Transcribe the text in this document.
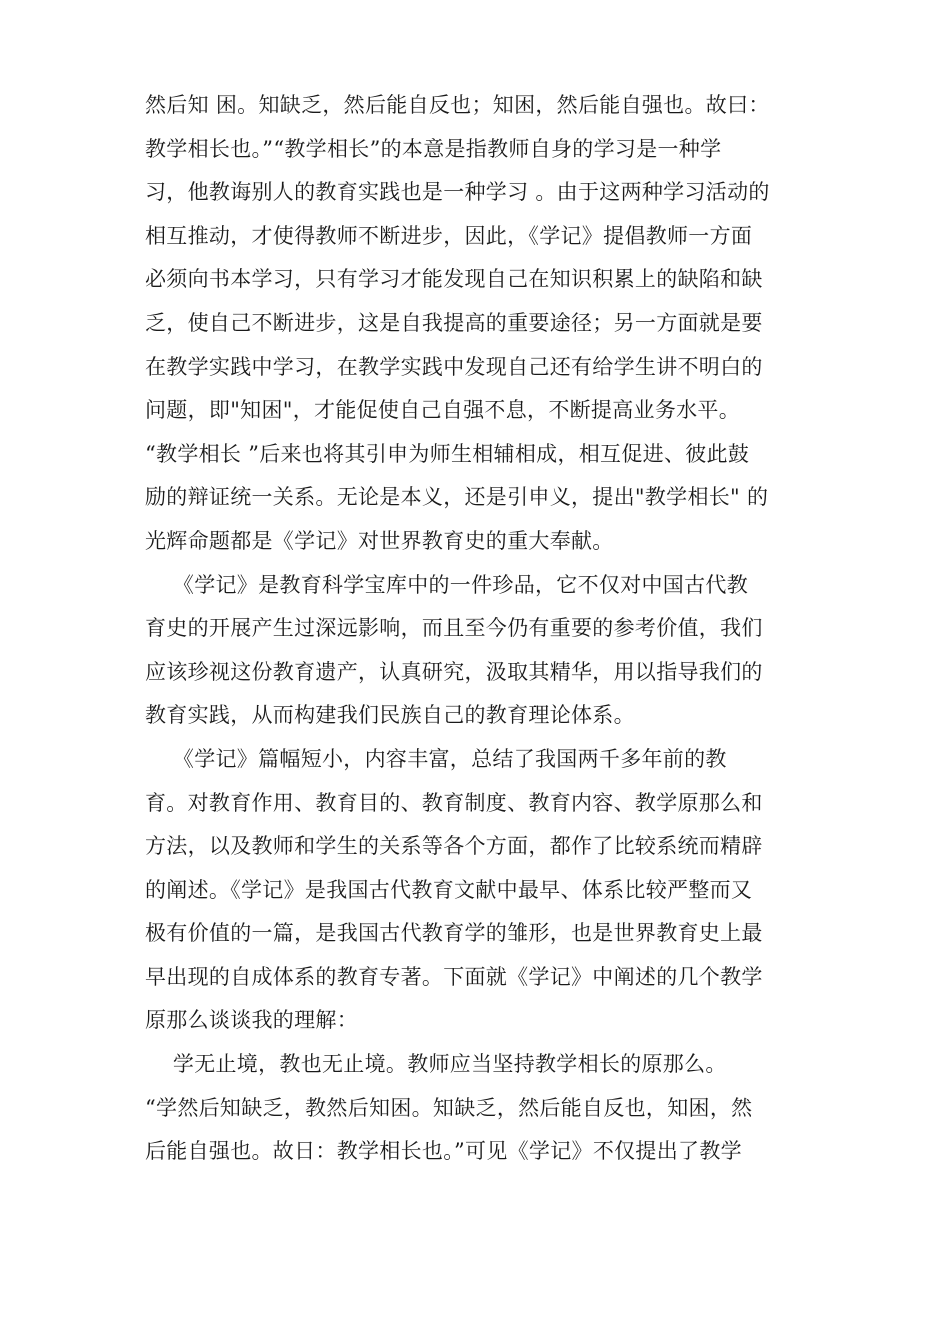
然后知 困。知缺乏，然后能自反也；知困，然后能自强也。故曰：
教学相长也。”“教学相长”的本意是指教师自身的学习是一种学
习，他教诲别人的教育实践也是一种学习 。由于这两种学习活动的
相互推动，才使得教师不断进步，因此，《学记》提倡教师一方面
必须向书本学习，只有学习才能发现自己在知识积累上的缺陷和缺
乏，使自己不断进步，这是自我提高的重要途径；另一方面就是要
在教学实践中学习，在教学实践中发现自己还有给学生讲不明白的
问题，即"知困"，才能促使自己自强不息，不断提高业务水平。
“教学相长 ”后来也将其引申为师生相辅相成，相互促进、彼此鼓
励的辩证统一关系。无论是本义，还是引申义，提出"教学相长" 的
光辉命题都是《学记》对世界教育史的重大奉献。
《学记》是教育科学宝库中的一件珍品，它不仅对中国古代教
育史的开展产生过深远影响，而且至今仍有重要的参考价值，我们
应该珍视这份教育遗产，认真研究，汲取其精华，用以指导我们的
教育实践，从而构建我们民族自己的教育理论体系。
《学记》篇幅短小，内容丰富，总结了我国两千多年前的教
育。对教育作用、教育目的、教育制度、教育内容、教学原那么和
方法，以及教师和学生的关系等各个方面，都作了比较系统而精辟
的阐述。《学记》是我国古代教育文献中最早、体系比较严整而又
极有价值的一篇，是我国古代教育学的雏形，也是世界教育史上最
早出现的自成体系的教育专著。下面就《学记》中阐述的几个教学
原那么谈谈我的理解：
学无止境，教也无止境。教师应当坚持教学相长的原那么。
“学然后知缺乏，教然后知困。知缺乏，然后能自反也，知困，然
后能自强也。故日：教学相长也。”可见《学记》不仅提出了教学
